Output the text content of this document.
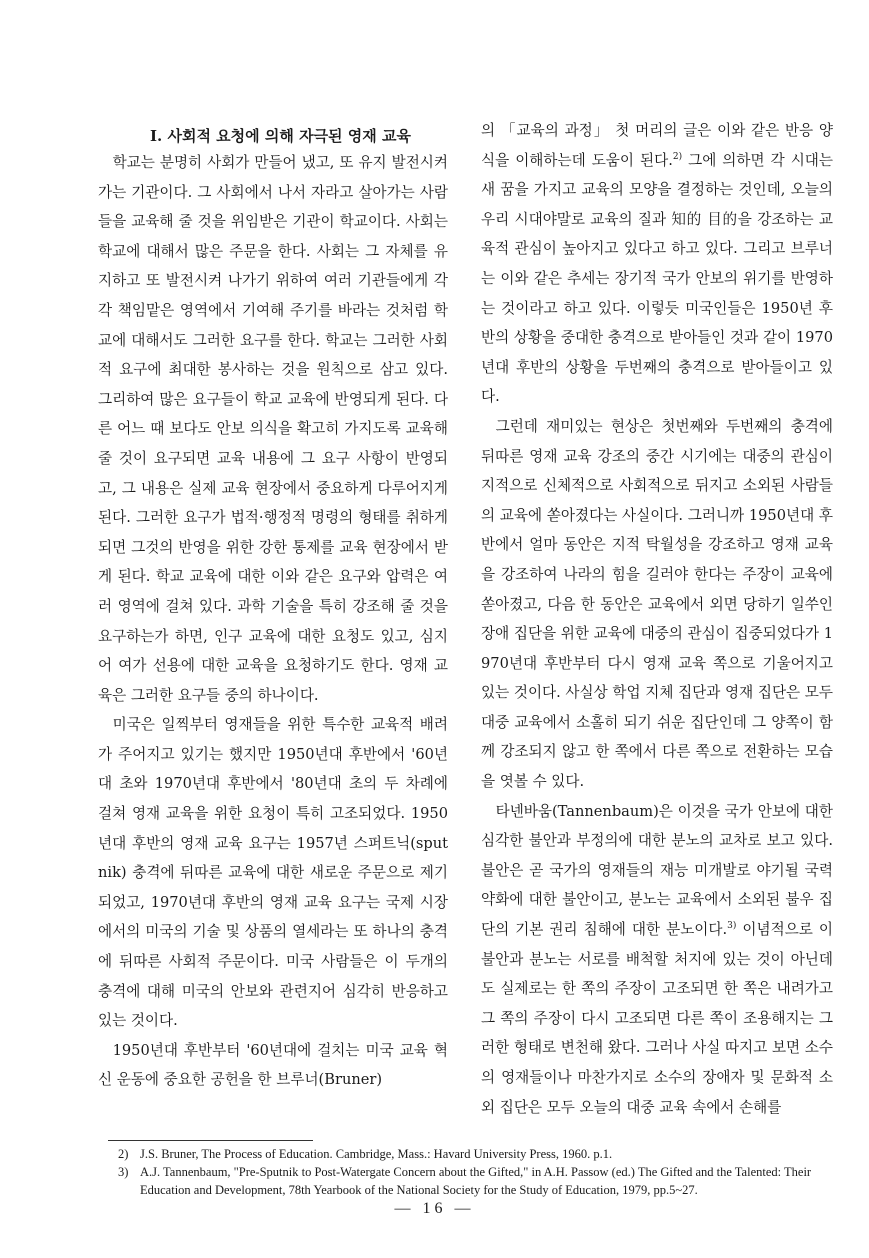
Ⅰ. 사회적 요청에 의해 자극된 영재 교육

학교는 분명히 사회가 만들어 냈고, 또 유지 발전시켜 가는 기관이다. 그 사회에서 나서 자라고 살아가는 사람들을 교육해 줄 것을 위임받은 기관이 학교이다. 사회는 학교에 대해서 많은 주문을 한다. 사회는 그 자체를 유지하고 또 발전시켜 나가기 위하여 여러 기관들에게 각각 책임맡은 영역에서 기여해 주기를 바라는 것처럼 학교에 대해서도 그러한 요구를 한다. 학교는 그러한 사회적 요구에 최대한 봉사하는 것을 원칙으로 삼고 있다. 그리하여 많은 요구들이 학교 교육에 반영되게 된다. 다른 어느 때 보다도 안보 의식을 확고히 가지도록 교육해 줄 것이 요구되면 교육 내용에 그 요구 사항이 반영되고, 그 내용은 실제 교육 현장에서 중요하게 다루어지게 된다. 그러한 요구가 법적·행정적 명령의 형태를 취하게 되면 그것의 반영을 위한 강한 통제를 교육 현장에서 받게 된다. 학교 교육에 대한 이와 같은 요구와 압력은 여러 영역에 걸쳐 있다. 과학 기술을 특히 강조해 줄 것을 요구하는가 하면, 인구 교육에 대한 요청도 있고, 심지어 여가 선용에 대한 교육을 요청하기도 한다. 영재 교육은 그러한 요구들 중의 하나이다.

미국은 일찍부터 영재들을 위한 특수한 교육적 배려가 주어지고 있기는 했지만 1950년대 후반에서 '60년대 초와 1970년대 후반에서 '80년대 초의 두 차례에 걸쳐 영재 교육을 위한 요청이 특히 고조되었다. 1950년대 후반의 영재 교육 요구는 1957년 스퍼트닉(sputnik) 충격에 뒤따른 교육에 대한 새로운 주문으로 제기되었고, 1970년대 후반의 영재 교육 요구는 국제 시장에서의 미국의 기술 및 상품의 열세라는 또 하나의 충격에 뒤따른 사회적 주문이다. 미국 사람들은 이 두개의 충격에 대해 미국의 안보와 관련지어 심각히 반응하고 있는 것이다.

1950년대 후반부터 '60년대에 걸치는 미국 교육 혁신 운동에 중요한 공헌을 한 브루너(Bruner)

의 「교육의 과정」 첫 머리의 글은 이와 같은 반응 양식을 이해하는데 도움이 된다.$^{2)}$ 그에 의하면 각 시대는 새 꿈을 가지고 교육의 모양을 결정하는 것인데, 오늘의 우리 시대야말로 교육의 질과 知的 目的을 강조하는 교육적 관심이 높아지고 있다고 하고 있다. 그리고 브루너는 이와 같은 추세는 장기적 국가 안보의 위기를 반영하는 것이라고 하고 있다. 이렇듯 미국인들은 1950년 후반의 상황을 중대한 충격으로 받아들인 것과 같이 1970년대 후반의 상황을 두번째의 충격으로 받아들이고 있다.

그런데 재미있는 현상은 첫번째와 두번째의 충격에 뒤따른 영재 교육 강조의 중간 시기에는 대중의 관심이 지적으로 신체적으로 사회적으로 뒤지고 소외된 사람들의 교육에 쏟아졌다는 사실이다. 그러니까 1950년대 후반에서 얼마 동안은 지적 탁월성을 강조하고 영재 교육을 강조하여 나라의 힘을 길러야 한다는 주장이 교육에 쏟아졌고, 다음 한 동안은 교육에서 외면 당하기 일쑤인 장애 집단을 위한 교육에 대중의 관심이 집중되었다가 1970년대 후반부터 다시 영재 교육 쪽으로 기울어지고 있는 것이다. 사실상 학업 지체 집단과 영재 집단은 모두 대중 교육에서 소홀히 되기 쉬운 집단인데 그 양쪽이 함께 강조되지 않고 한 쪽에서 다른 쪽으로 전환하는 모습을 엿볼 수 있다.

타넨바움(Tannenbaum)은 이것을 국가 안보에 대한 심각한 불안과 부정의에 대한 분노의 교차로 보고 있다. 불안은 곧 국가의 영재들의 재능 미개발로 야기될 국력 약화에 대한 불안이고, 분노는 교육에서 소외된 불우 집단의 기본 권리 침해에 대한 분노이다.$^{3)}$ 이념적으로 이 불안과 분노는 서로를 배척할 처지에 있는 것이 아닌데도 실제로는 한 쪽의 주장이 고조되면 한 쪽은 내려가고 그 쪽의 주장이 다시 고조되면 다른 쪽이 조용해지는 그러한 형태로 변천해 왔다. 그러나 사실 따지고 보면 소수의 영재들이나 마찬가지로 소수의 장애자 및 문화적 소외 집단은 모두 오늘의 대중 교육 속에서 손해를

2) J.S. Bruner, The Process of Education. Cambridge, Mass.: Havard University Press, 1960. p.1.
3) A.J. Tannenbaum, "Pre-Sputnik to Post-Watergate Concern about the Gifted," in A.H. Passow (ed.) The Gifted and the Talented: Their Education and Development, 78th Yearbook of the National Society for the Study of Education, 1979, pp.5~27.
— 16 —
